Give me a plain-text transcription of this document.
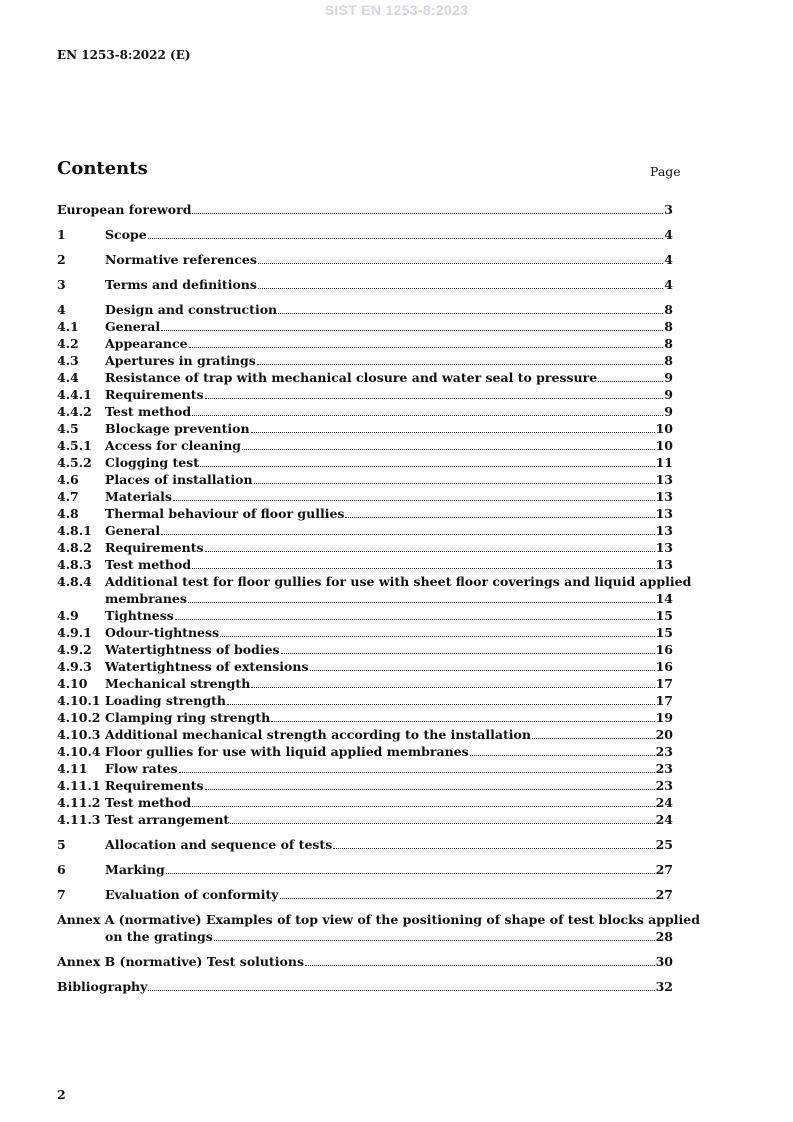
SIST EN 1253-8:2023
EN 1253-8:2022 (E)
Contents	Page
European foreword	3
1	Scope	4
2	Normative references	4
3	Terms and definitions	4
4	Design and construction	8
4.1	General	8
4.2	Appearance	8
4.3	Apertures in gratings	8
4.4	Resistance of trap with mechanical closure and water seal to pressure	9
4.4.1	Requirements	9
4.4.2	Test method	9
4.5	Blockage prevention	10
4.5.1	Access for cleaning	10
4.5.2	Clogging test	11
4.6	Places of installation	13
4.7	Materials	13
4.8	Thermal behaviour of floor gullies	13
4.8.1	General	13
4.8.2	Requirements	13
4.8.3	Test method	13
4.8.4	Additional test for floor gullies for use with sheet floor coverings and liquid applied
membranes	14
4.9	Tightness	15
4.9.1	Odour-tightness	15
4.9.2	Watertightness of bodies	16
4.9.3	Watertightness of extensions	16
4.10	Mechanical strength	17
4.10.1 Loading strength	17
4.10.2 Clamping ring strength	19
4.10.3 Additional mechanical strength according to the installation	20
4.10.4 Floor gullies for use with liquid applied membranes	23
4.11	Flow rates	23
4.11.1 Requirements	23
4.11.2 Test method	24
4.11.3 Test arrangement	24
5	Allocation and sequence of tests	25
6	Marking	27
7	Evaluation of conformity	27
Annex A (normative) Examples of top view of the positioning of shape of test blocks applied
on the gratings	28
Annex B (normative) Test solutions	30
Bibliography	32
2
